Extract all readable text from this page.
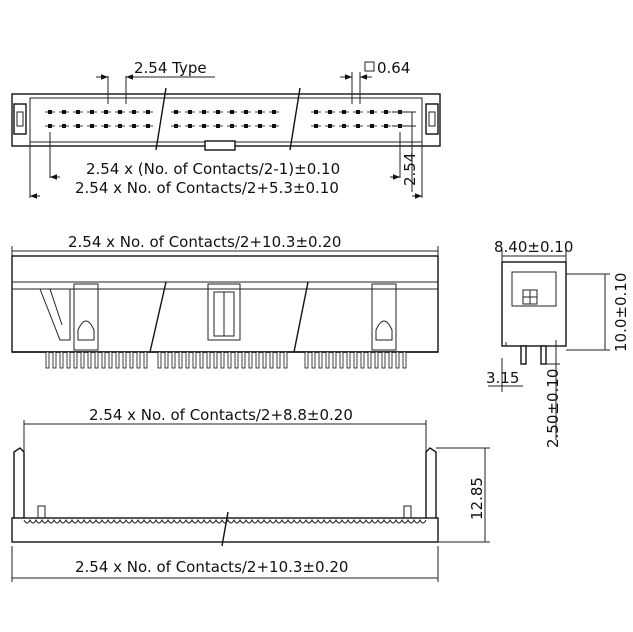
2.54 Type	0.64
2.54
2.54 x (No. of Contacts/2-1)±0.10
2.54 x No. of Contacts/2+5.3±0.10
2.54 x No. of Contacts/2+10.3±0.20	8.40±0.10
10.0±0.10
3.15 2.50±0.10
2.54 x No. of Contacts/2+8.8±0.20
12.85
2.54 x No. of Contacts/2+10.3±0.20
